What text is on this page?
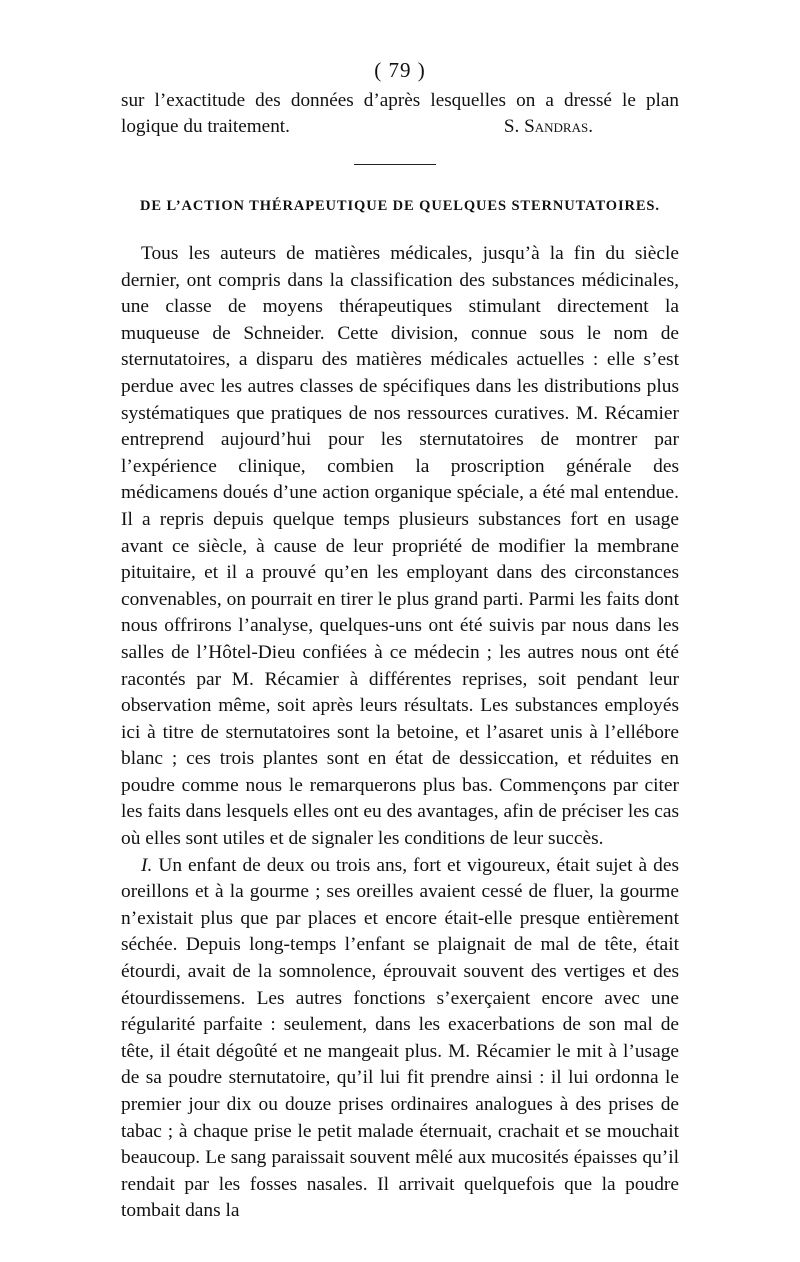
( 79 )

sur l’exactitude des données d’après lesquelles on a dressé le plan logique du traitement.	S. Sandras.

DE L’ACTION THÉRAPEUTIQUE DE QUELQUES STERNUTATOIRES.

Tous les auteurs de matières médicales, jusqu’à la fin du siècle dernier, ont compris dans la classification des substances médicinales, une classe de moyens thérapeutiques stimulant directement la muqueuse de Schneider. Cette division, connue sous le nom de sternutatoires, a disparu des matières médicales actuelles : elle s’est perdue avec les autres classes de spécifiques dans les distributions plus systématiques que pratiques de nos ressources curatives. M. Récamier entreprend aujourd’hui pour les sternutatoires de montrer par l’expérience clinique, combien la proscription générale des médicamens doués d’une action organique spéciale, a été mal entendue. Il a repris depuis quelque temps plusieurs substances fort en usage avant ce siècle, à cause de leur propriété de modifier la membrane pituitaire, et il a prouvé qu’en les employant dans des circonstances convenables, on pourrait en tirer le plus grand parti. Parmi les faits dont nous offrirons l’analyse, quelques-uns ont été suivis par nous dans les salles de l’Hôtel-Dieu confiées à ce médecin ; les autres nous ont été racontés par M. Récamier à différentes reprises, soit pendant leur observation même, soit après leurs résultats. Les substances employés ici à titre de sternutatoires sont la betoine, et l’asaret unis à l’ellébore blanc ; ces trois plantes sont en état de dessiccation, et réduites en poudre comme nous le remarquerons plus bas. Commençons par citer les faits dans lesquels elles ont eu des avantages, afin de préciser les cas où elles sont utiles et de signaler les conditions de leur succès.

I. Un enfant de deux ou trois ans, fort et vigoureux, était sujet à des oreillons et à la gourme ; ses oreilles avaient cessé de fluer, la gourme n’existait plus que par places et encore était-elle presque entièrement séchée. Depuis long-temps l’enfant se plaignait de mal de tête, était étourdi, avait de la somnolence, éprouvait souvent des vertiges et des étourdissemens. Les autres fonctions s’exerçaient encore avec une régularité parfaite : seulement, dans les exacerbations de son mal de tête, il était dégoûté et ne mangeait plus. M. Récamier le mit à l’usage de sa poudre sternutatoire, qu’il lui fit prendre ainsi : il lui ordonna le premier jour dix ou douze prises ordinaires analogues à des prises de tabac ; à chaque prise le petit malade éternuait, crachait et se mouchait beaucoup. Le sang paraissait souvent mêlé aux mucosités épaisses qu’il rendait par les fosses nasales. Il arrivait quelquefois que la poudre tombait dans la
